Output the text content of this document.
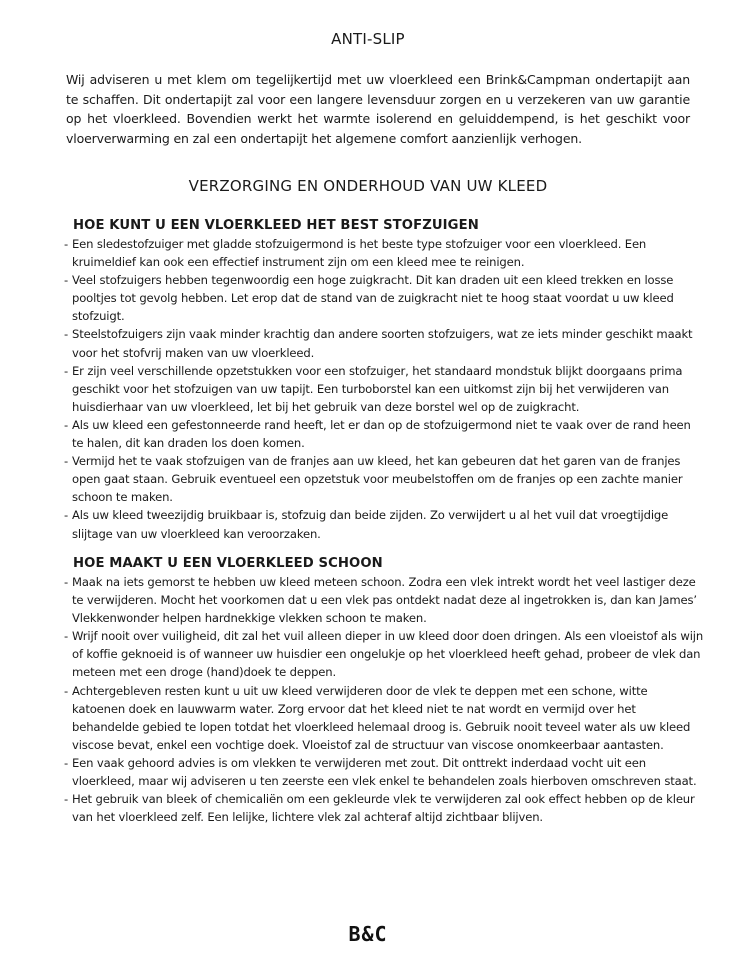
ANTI-SLIP
Wij adviseren u met klem om tegelijkertijd met uw vloerkleed een Brink&Campman ondertapijt aan te schaffen. Dit ondertapijt zal voor een langere levensduur zorgen en u verzekeren van uw garantie op het vloerkleed. Bovendien werkt het warmte isolerend en geluiddempend, is het geschikt voor vloerverwarming en zal een ondertapijt het algemene comfort aanzienlijk verhogen.
VERZORGING EN ONDERHOUD VAN UW KLEED
HOE KUNT U EEN VLOERKLEED HET BEST STOFZUIGEN
- Een sledestofzuiger met gladde stofzuigermond is het beste type stofzuiger voor een vloerkleed. Een kruimeldief kan ook een effectief instrument zijn om een kleed mee te reinigen.
- Veel stofzuigers hebben tegenwoordig een hoge zuigkracht. Dit kan draden uit een kleed trekken en losse pooltjes tot gevolg hebben. Let erop dat de stand van de zuigkracht niet te hoog staat voordat u uw kleed stofzuigt.
- Steelstofzuigers zijn vaak minder krachtig dan andere soorten stofzuigers, wat ze iets minder geschikt maakt voor het stofvrij maken van uw vloerkleed.
- Er zijn veel verschillende opzetstukken voor een stofzuiger, het standaard mondstuk blijkt doorgaans prima geschikt voor het stofzuigen van uw tapijt. Een turboborstel kan een uitkomst zijn bij het verwijderen van huisdierhaar van uw vloerkleed, let bij het gebruik van deze borstel wel op de zuigkracht.
- Als uw kleed een gefestonneerde rand heeft, let er dan op de stofzuigermond niet te vaak over de rand heen te halen, dit kan draden los doen komen.
- Vermijd het te vaak stofzuigen van de franjes aan uw kleed, het kan gebeuren dat het garen van de franjes open gaat staan. Gebruik eventueel een opzetstuk voor meubelstoffen om de franjes op een zachte manier schoon te maken.
- Als uw kleed tweezijdig bruikbaar is, stofzuig dan beide zijden. Zo verwijdert u al het vuil dat vroegtijdige slijtage van uw vloerkleed kan veroorzaken.
HOE MAAKT U EEN VLOERKLEED SCHOON
- Maak na iets gemorst te hebben uw kleed meteen schoon. Zodra een vlek intrekt wordt het veel lastiger deze te verwijderen. Mocht het voorkomen dat u een vlek pas ontdekt nadat deze al ingetrokken is, dan kan James’ Vlekkenwonder helpen hardnekkige vlekken schoon te maken.
- Wrijf nooit over vuiligheid, dit zal het vuil alleen dieper in uw kleed door doen dringen. Als een vloeistof als wijn of koffie geknoeid is of wanneer uw huisdier een ongelukje op het vloerkleed heeft gehad, probeer de vlek dan meteen met een droge (hand)doek te deppen.
- Achtergebleven resten kunt u uit uw kleed verwijderen door de vlek te deppen met een schone, witte katoenen doek en lauwwarm water. Zorg ervoor dat het kleed niet te nat wordt en vermijd over het behandelde gebied te lopen totdat het vloerkleed helemaal droog is. Gebruik nooit teveel water als uw kleed viscose bevat, enkel een vochtige doek. Vloeistof zal de structuur van viscose onomkeerbaar aantasten.
- Een vaak gehoord advies is om vlekken te verwijderen met zout. Dit onttrekt inderdaad vocht uit een vloerkleed, maar wij adviseren u ten zeerste een vlek enkel te behandelen zoals hierboven omschreven staat.
- Het gebruik van bleek of chemicaliën om een gekleurde vlek te verwijderen zal ook effect hebben op de kleur van het vloerkleed zelf. Een lelijke, lichtere vlek zal achteraf altijd zichtbaar blijven.
B&C
